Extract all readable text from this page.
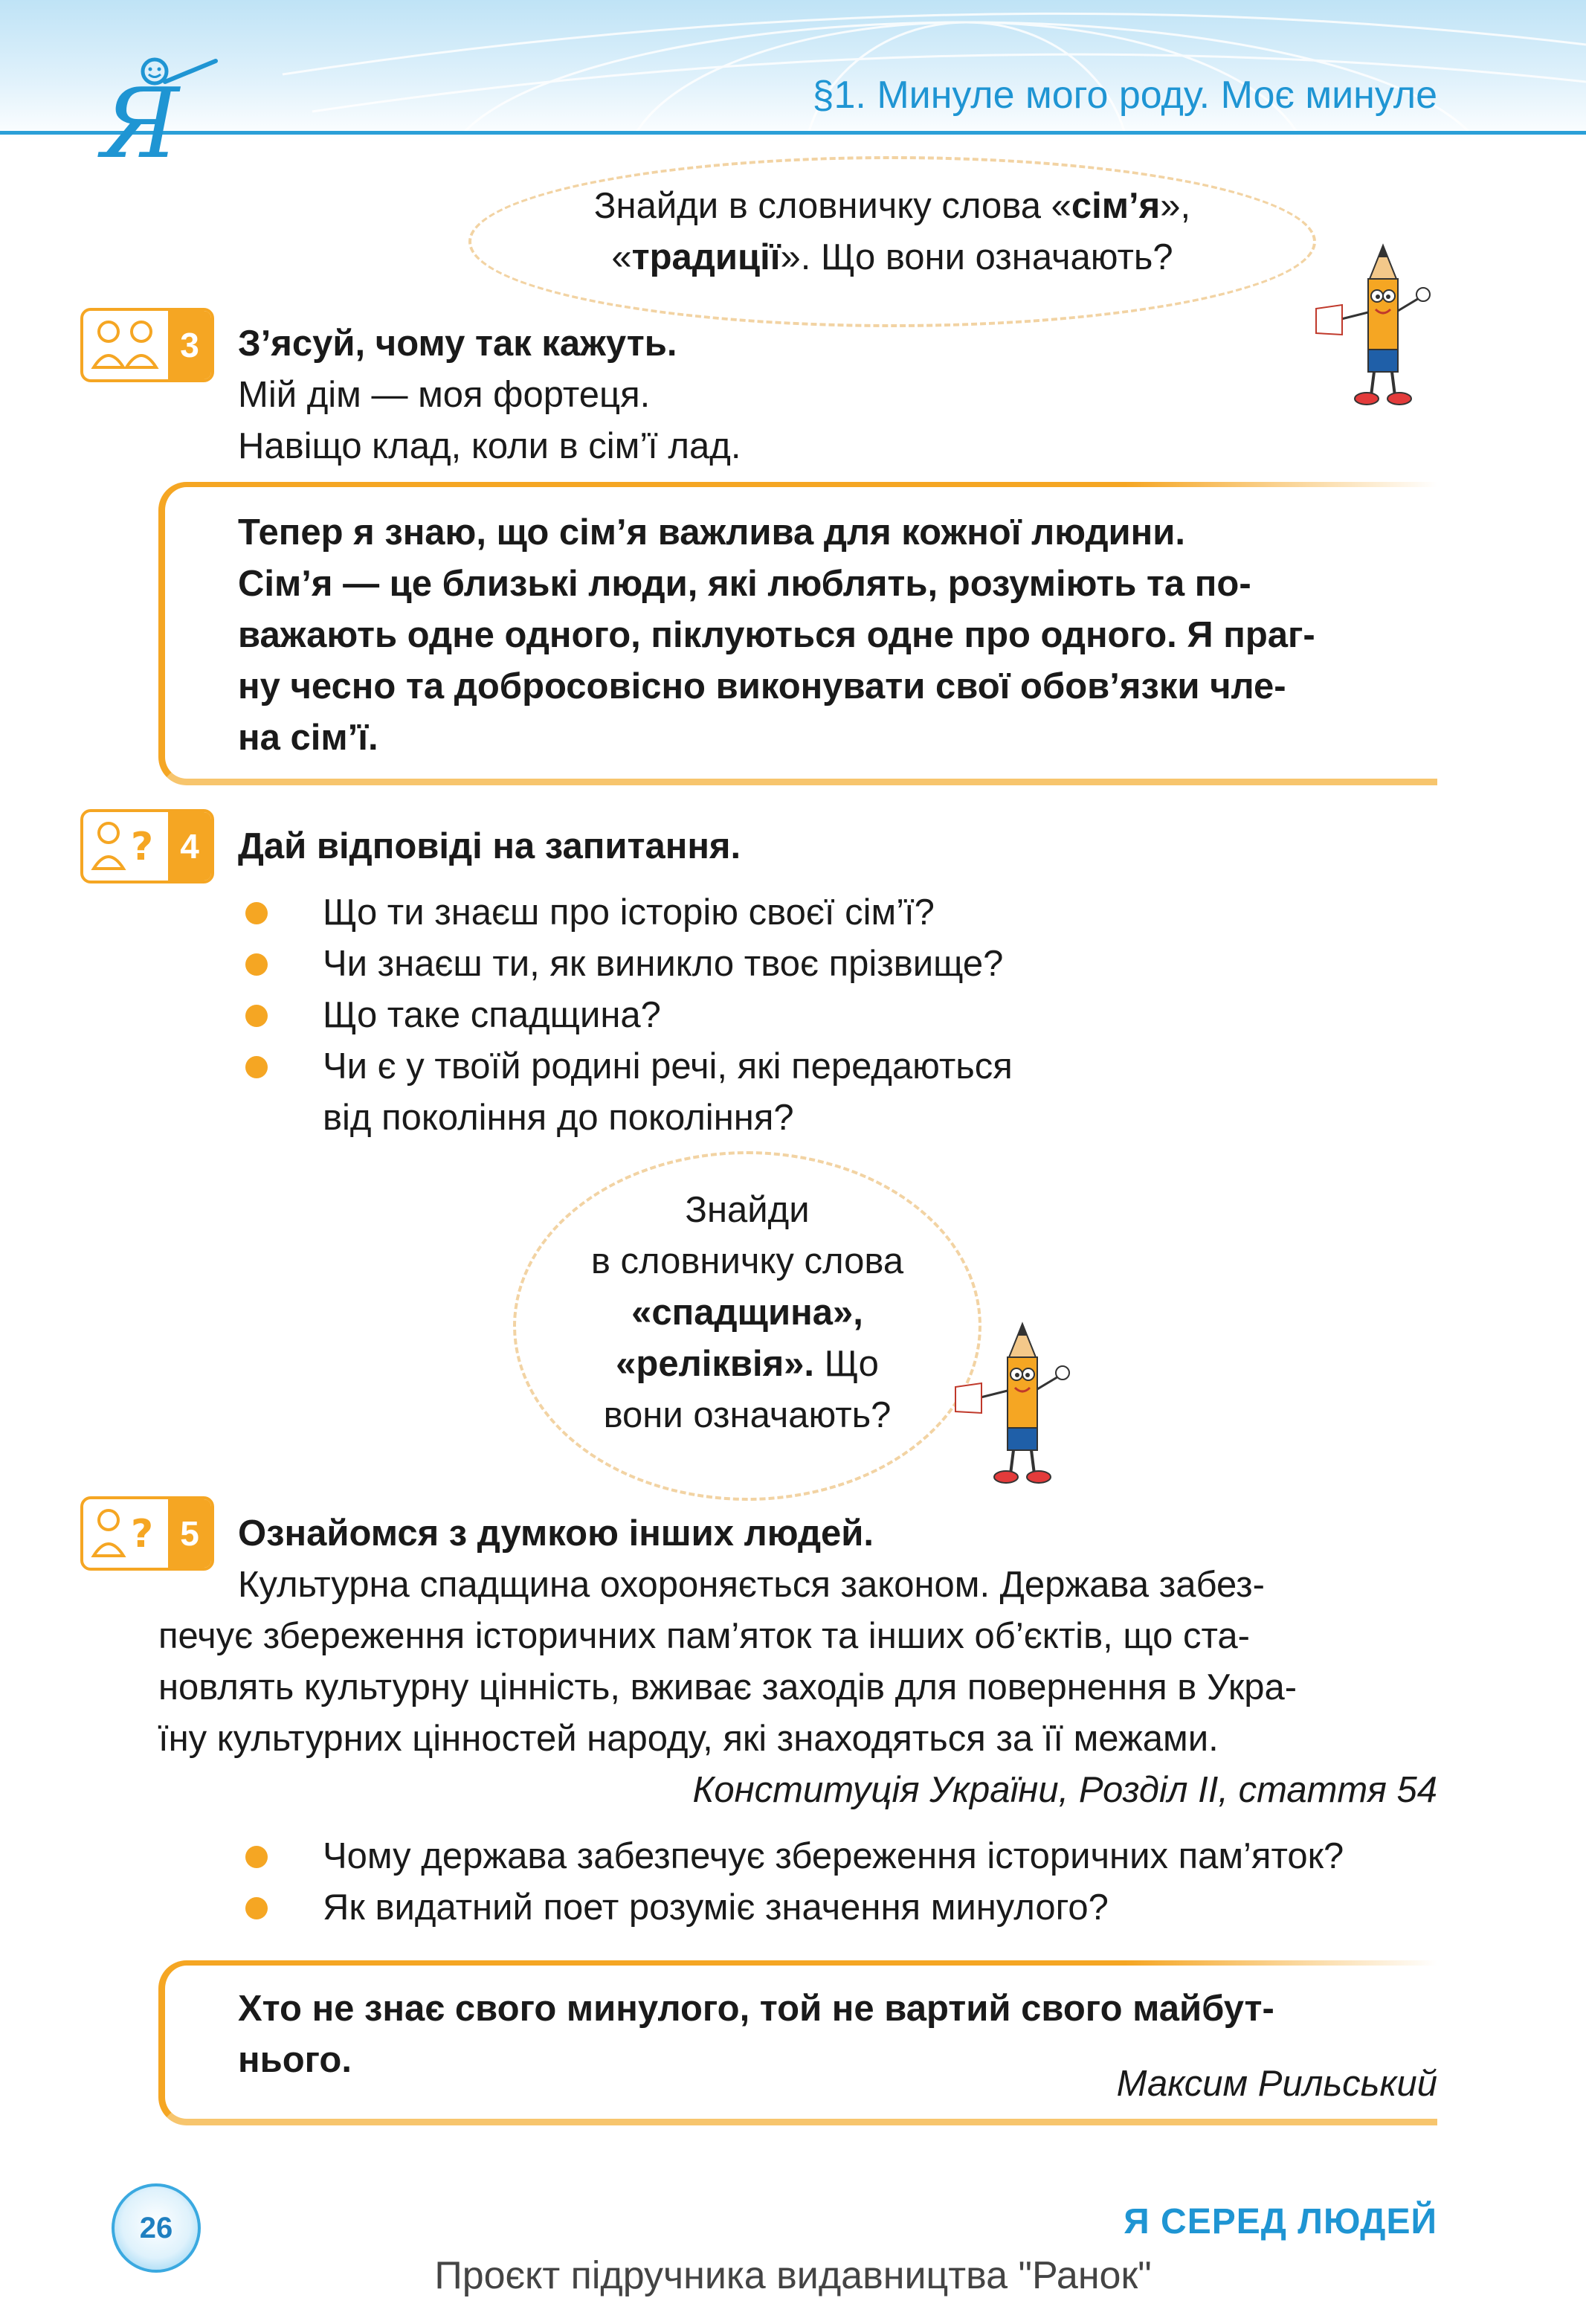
Я	§1. Минуле мого роду. Моє минуле
Знайди в словничку слова «сім’я»,
«традиції». Що вони означають?
3	З’ясуй, чому так кажуть.
Мій дім — моя фортеця.
Навіщо клад, коли в сім’ї лад.
Тепер я знаю, що сім’я важлива для кожної людини.
Сім’я — це близькі люди, які люблять, розуміють та по-
важають одне одного, піклуються одне про одного. Я праг-
ну чесно та добросовісно виконувати свої обов’язки чле-
на сім’ї.
? 4	Дай відповіді на запитання.
Що ти знаєш про історію своєї сім’ї?
Чи знаєш ти, як виникло твоє прізвище?
Що таке спадщина?
Чи є у твоїй родині речі, які передаються
від покоління до покоління?
Знайди
в словничку слова
«спадщина»,
«реліквія». Що
вони означають?
? 5	Ознайомся з думкою інших людей.
Культурна спадщина охороняється законом. Держава забез-
печує збереження історичних пам’яток та інших об’єктів, що ста-
новлять культурну цінність, вживає заходів для повернення в Укра-
їну культурних цінностей народу, які знаходяться за її межами.
Конституція України, Розділ ІІ, стаття 54
Чому держава забезпечує збереження історичних пам’яток?
Як видатний поет розуміє значення минулого?
Хто не знає свого минулого, той не вартий свого майбут-
нього.
Максим Рильський
26	Я СЕРЕД ЛЮДЕЙ
Проєкт підручника видавництва "Ранок"
